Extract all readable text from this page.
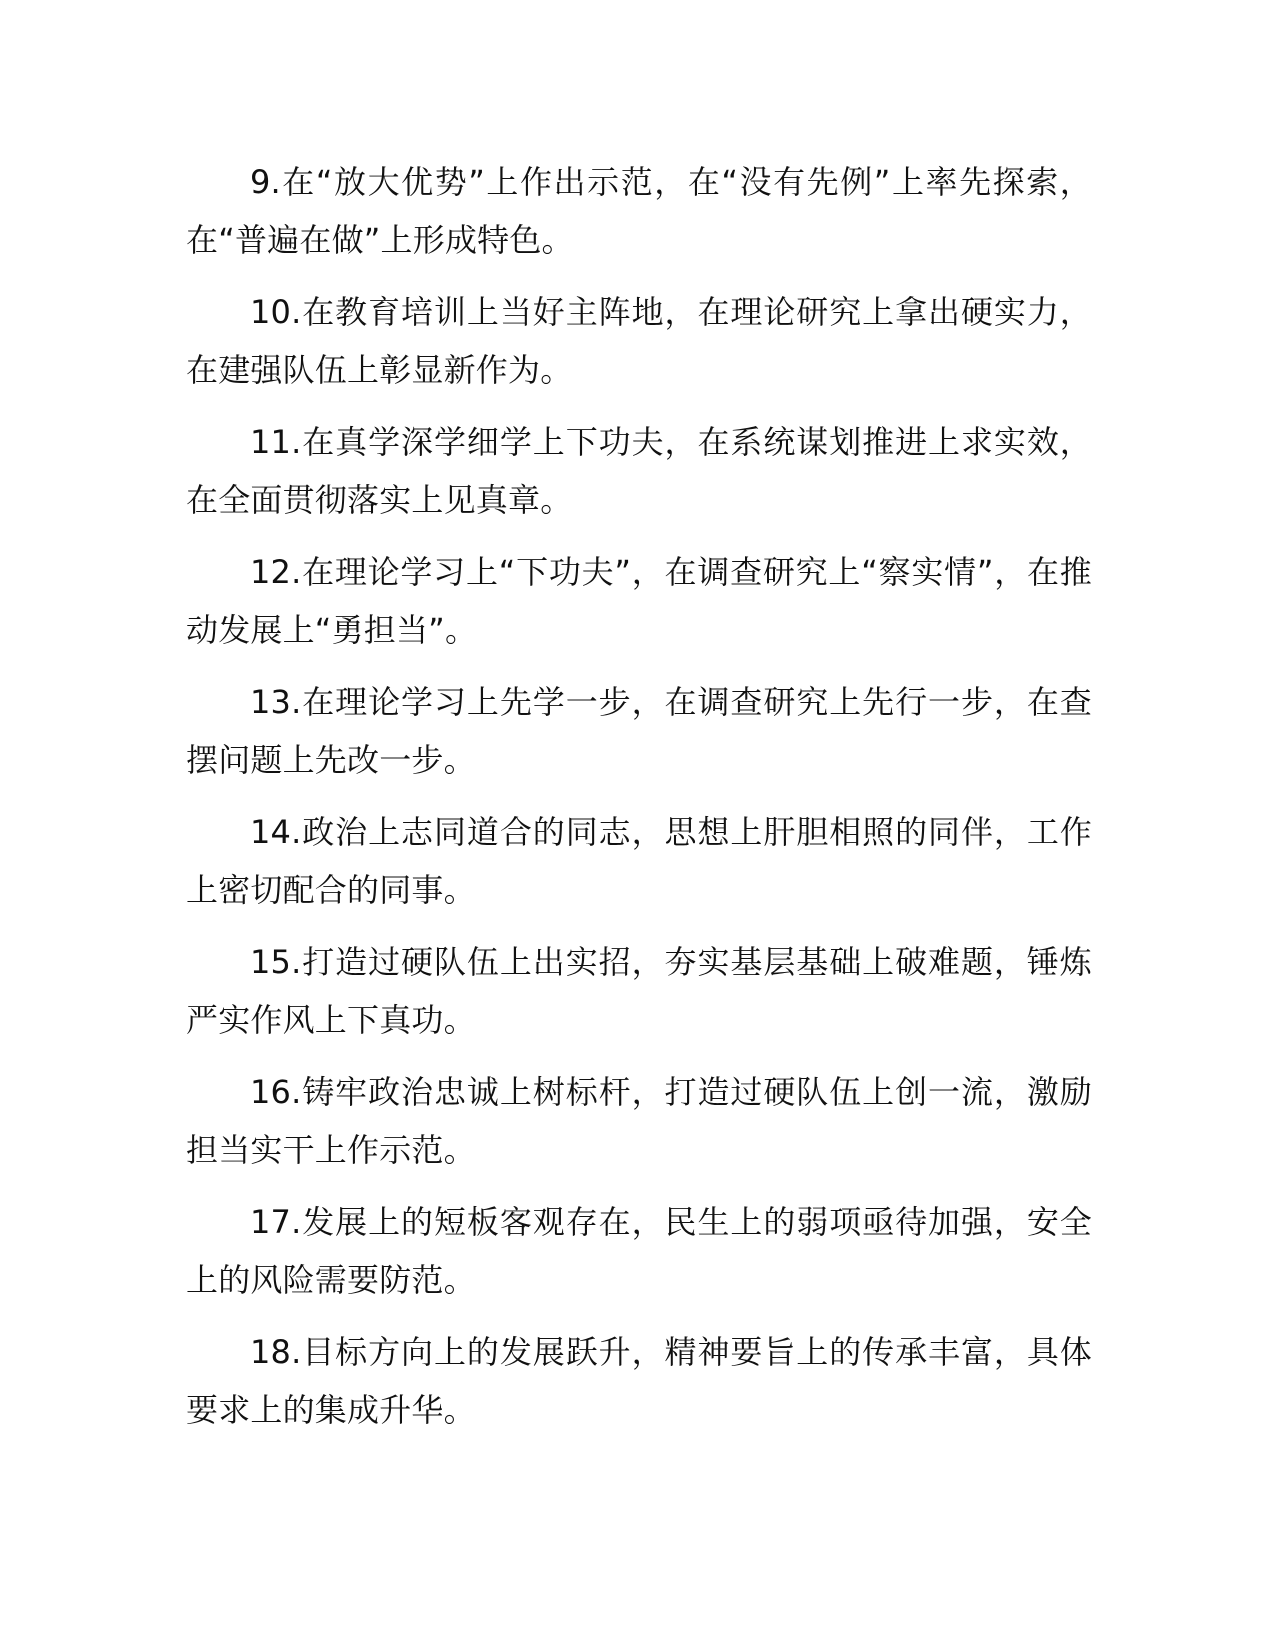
9.在“放大优势”上作出示范，在“没有先例”上率先探索，在“普遍在做”上形成特色。

10.在教育培训上当好主阵地，在理论研究上拿出硬实力，在建强队伍上彰显新作为。

11.在真学深学细学上下功夫，在系统谋划推进上求实效，在全面贯彻落实上见真章。

12.在理论学习上“下功夫”，在调查研究上“察实情”，在推动发展上“勇担当”。

13.在理论学习上先学一步，在调查研究上先行一步，在查摆问题上先改一步。

14.政治上志同道合的同志，思想上肝胆相照的同伴，工作上密切配合的同事。

15.打造过硬队伍上出实招，夯实基层基础上破难题，锤炼严实作风上下真功。

16.铸牢政治忠诚上树标杆，打造过硬队伍上创一流，激励担当实干上作示范。

17.发展上的短板客观存在，民生上的弱项亟待加强，安全上的风险需要防范。

18.目标方向上的发展跃升，精神要旨上的传承丰富，具体要求上的集成升华。
